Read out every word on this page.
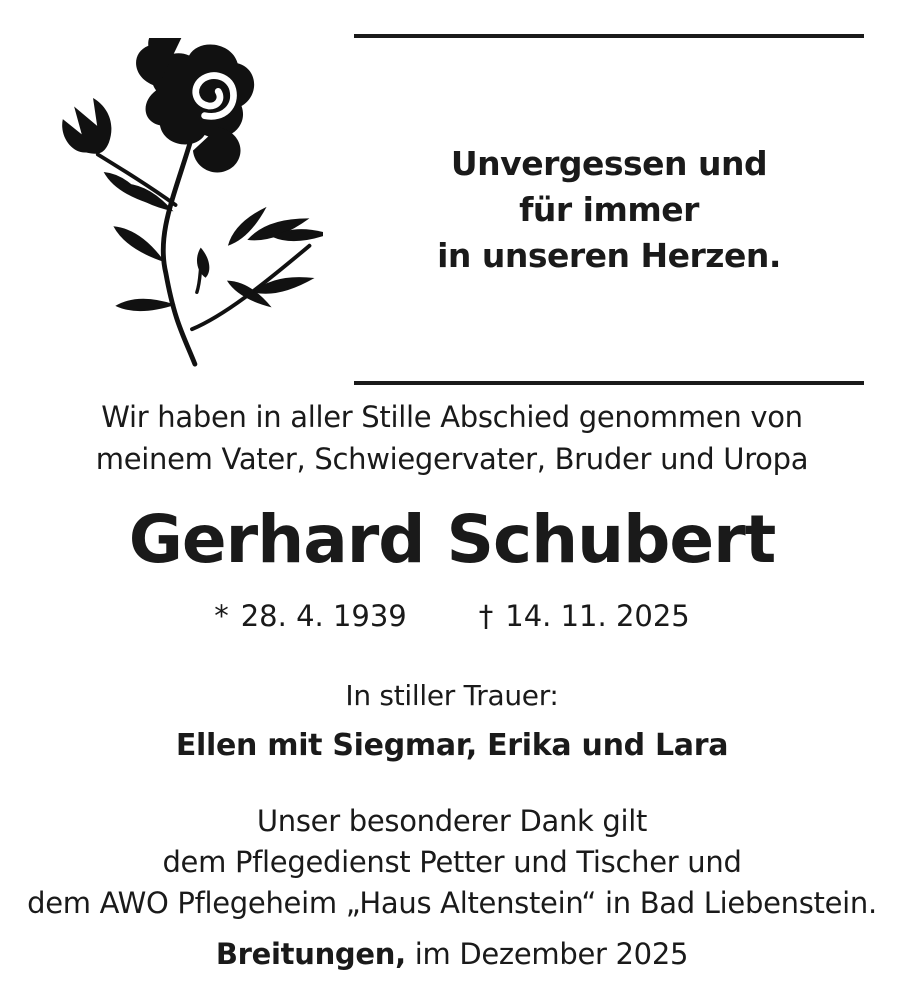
Unvergessen und
für immer
in unseren Herzen.
Wir haben in aller Stille Abschied genommen von
meinem Vater, Schwiegervater, Bruder und Uropa
Gerhard Schubert
* 28. 4. 1939 † 14. 11. 2025
In stiller Trauer:
Ellen mit Siegmar, Erika und Lara
Unser besonderer Dank gilt
dem Pflegedienst Petter und Tischer und
dem AWO Pflegeheim „Haus Altenstein“ in Bad Liebenstein.
Breitungen, im Dezember 2025
